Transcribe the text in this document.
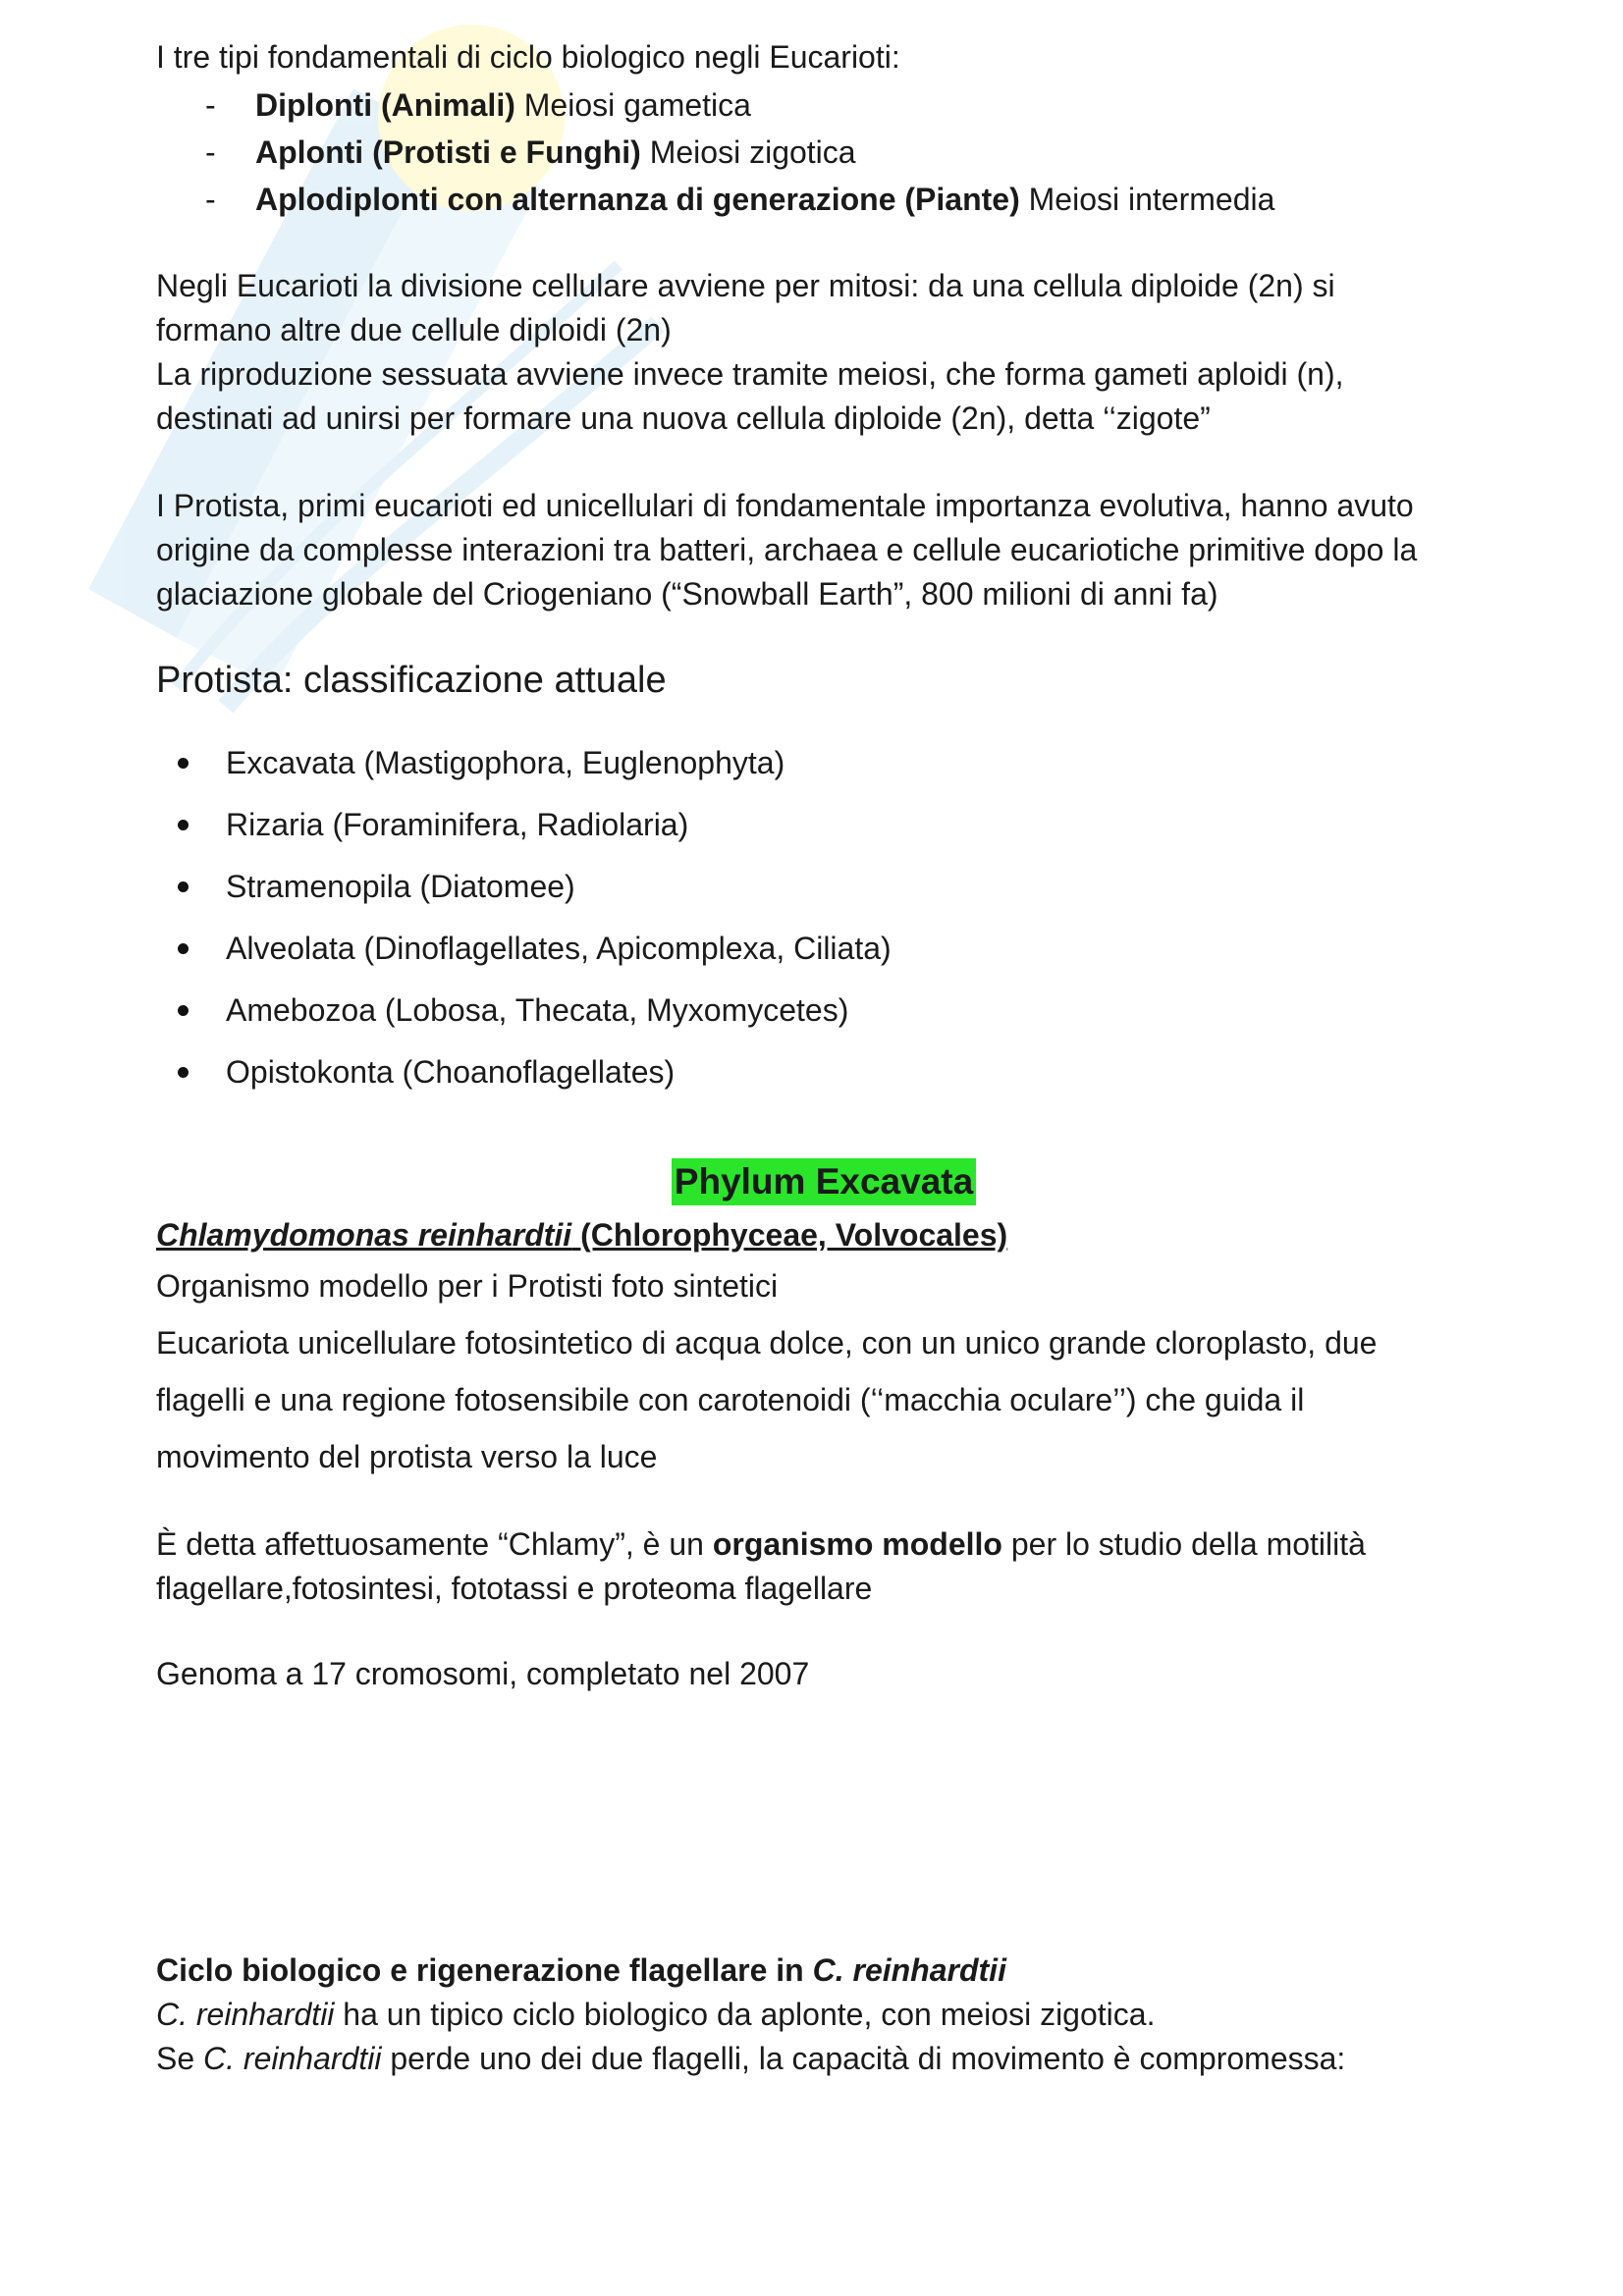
I tre tipi fondamentali di ciclo biologico negli Eucarioti:

- Diplonti (Animali) Meiosi gametica
- Aplonti (Protisti e Funghi) Meiosi zigotica
- Aplodiplonti con alternanza di generazione (Piante) Meiosi intermedia

Negli Eucarioti la divisione cellulare avviene per mitosi: da una cellula diploide (2n) si

formano altre due cellule diploidi (2n)

La riproduzione sessuata avviene invece tramite meiosi, che forma gameti aploidi (n),

destinati ad unirsi per formare una nuova cellula diploide (2n), detta ‘‘zigote”

I Protista, primi eucarioti ed unicellulari di fondamentale importanza evolutiva, hanno avuto

origine da complesse interazioni tra batteri, archaea e cellule eucariotiche primitive dopo la

glaciazione globale del Criogeniano (“Snowball Earth”, 800 milioni di anni fa)

Protista: classificazione attuale
Excavata (Mastigophora, Euglenophyta)
Rizaria (Foraminifera, Radiolaria)
Stramenopila (Diatomee)
Alveolata (Dinoflagellates, Apicomplexa, Ciliata)
Amebozoa (Lobosa, Thecata, Myxomycetes)
Opistokonta (Choanoflagellates)
Phylum Excavata
Chlamydomonas reinhardtii (Chlorophyceae, Volvocales)

Organismo modello per i Protisti foto sintetici

Eucariota unicellulare fotosintetico di acqua dolce, con un unico grande cloroplasto, due

flagelli e una regione fotosensibile con carotenoidi (‘‘macchia oculare’’) che guida il

movimento del protista verso la luce

È detta affettuosamente “Chlamy”, è un organismo modello per lo studio della motilità

flagellare,fotosintesi, fototassi e proteoma flagellare

Genoma a 17 cromosomi, completato nel 2007

Ciclo biologico e rigenerazione flagellare in C. reinhardtii

C. reinhardtii ha un tipico ciclo biologico da aplonte, con meiosi zigotica.

Se C. reinhardtii perde uno dei due flagelli, la capacità di movimento è compromessa:
